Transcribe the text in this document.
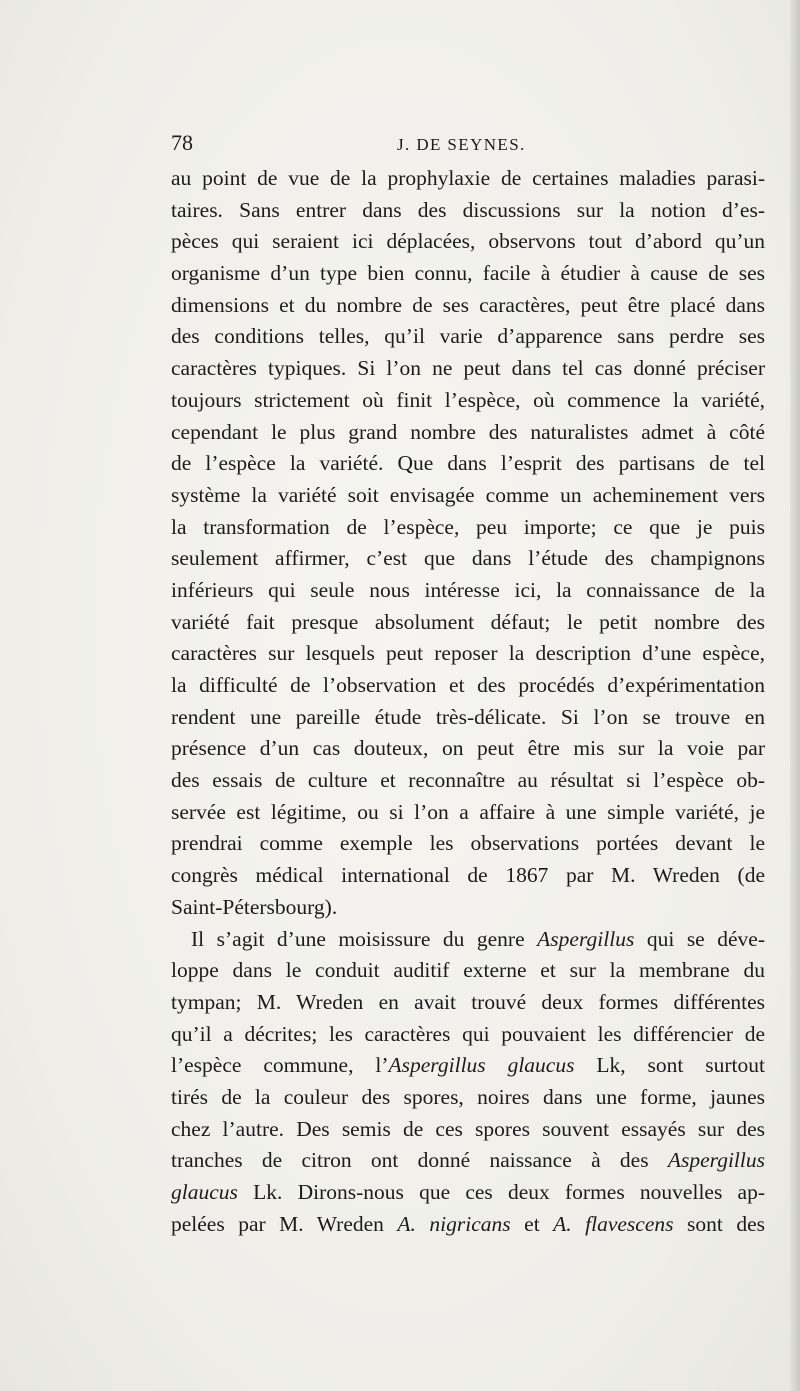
78	J. DE SEYNES.
au point de vue de la prophylaxie de certaines maladies parasi-
taires. Sans entrer dans des discussions sur la notion d’es-
pèces qui seraient ici déplacées, observons tout d’abord qu’un
organisme d’un type bien connu, facile à étudier à cause de ses
dimensions et du nombre de ses caractères, peut être placé dans
des conditions telles, qu’il varie d’apparence sans perdre ses
caractères typiques. Si l’on ne peut dans tel cas donné préciser
toujours strictement où finit l’espèce, où commence la variété,
cependant le plus grand nombre des naturalistes admet à côté
de l’espèce la variété. Que dans l’esprit des partisans de tel
système la variété soit envisagée comme un acheminement vers
la transformation de l’espèce, peu importe; ce que je puis
seulement affirmer, c’est que dans l’étude des champignons
inférieurs qui seule nous intéresse ici, la connaissance de la
variété fait presque absolument défaut; le petit nombre des
caractères sur lesquels peut reposer la description d’une espèce,
la difficulté de l’observation et des procédés d’expérimentation
rendent une pareille étude très-délicate. Si l’on se trouve en
présence d’un cas douteux, on peut être mis sur la voie par
des essais de culture et reconnaître au résultat si l’espèce ob-
servée est légitime, ou si l’on a affaire à une simple variété, je
prendrai comme exemple les observations portées devant le
congrès médical international de 1867 par M. Wreden (de
Saint-Pétersbourg).
Il s’agit d’une moisissure du genre Aspergillus qui se déve-
loppe dans le conduit auditif externe et sur la membrane du
tympan; M. Wreden en avait trouvé deux formes différentes
qu’il a décrites; les caractères qui pouvaient les différencier de
l’espèce commune, l’Aspergillus glaucus Lk, sont surtout
tirés de la couleur des spores, noires dans une forme, jaunes
chez l’autre. Des semis de ces spores souvent essayés sur des
tranches de citron ont donné naissance à des Aspergillus
glaucus Lk. Dirons-nous que ces deux formes nouvelles ap-
pelées par M. Wreden A. nigricans et A. flavescens sont des
